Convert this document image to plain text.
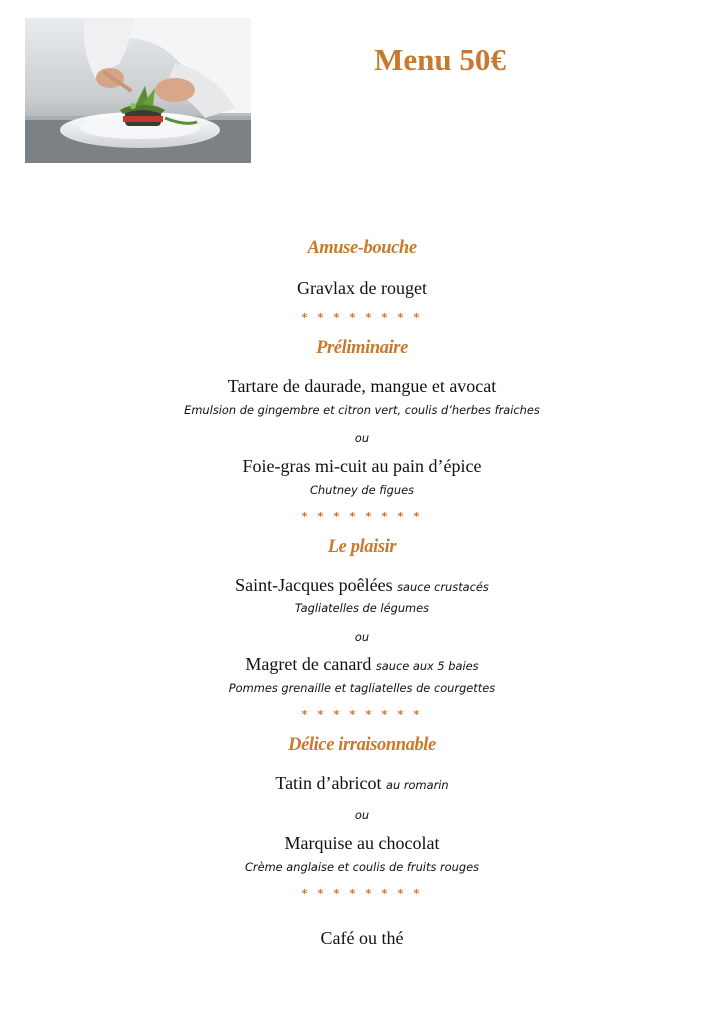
Menu 50€

Amuse-bouche

Gravlax de rouget

* * * * * * * *

Préliminaire

Tartare de daurade, mangue et avocat

Emulsion de gingembre et citron vert, coulis d’herbes fraiches

ou

Foie-gras mi-cuit au pain d’épice

Chutney de figues

* * * * * * * *

Le plaisir

Saint-Jacques poêlées sauce crustacés

Tagliatelles de légumes

ou

Magret de canard sauce aux 5 baies

Pommes grenaille et tagliatelles de courgettes

* * * * * * * *

Délice irraisonnable

Tatin d’abricot au romarin

ou

Marquise au chocolat

Crème anglaise et coulis de fruits rouges

* * * * * * * *

Café ou thé
